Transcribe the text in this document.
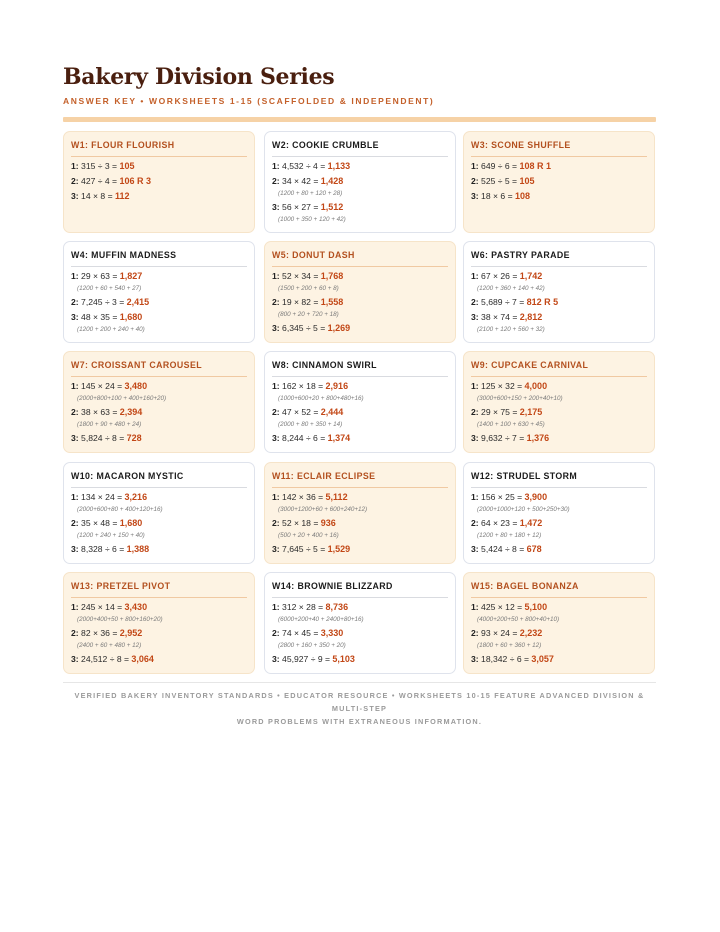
Bakery Division Series
ANSWER KEY • WORKSHEETS 1-15 (SCAFFOLDED & INDEPENDENT)
W1: FLOUR FLOURISH
1: 315 ÷ 3 = 105
2: 427 ÷ 4 = 106 R 3
3: 14 × 8 = 112
W2: COOKIE CRUMBLE
1: 4,532 ÷ 4 = 1,133
2: 34 × 42 = 1,428
(1200 + 80 + 120 + 28)
3: 56 × 27 = 1,512
(1000 + 350 + 120 + 42)
W3: SCONE SHUFFLE
1: 649 ÷ 6 = 108 R 1
2: 525 ÷ 5 = 105
3: 18 × 6 = 108
W4: MUFFIN MADNESS
1: 29 × 63 = 1,827
(1200 + 60 + 540 + 27)
2: 7,245 ÷ 3 = 2,415
3: 48 × 35 = 1,680
(1200 + 200 + 240 + 40)
W5: DONUT DASH
1: 52 × 34 = 1,768
(1500 + 200 + 60 + 8)
2: 19 × 82 = 1,558
(800 + 20 + 720 + 18)
3: 6,345 ÷ 5 = 1,269
W6: PASTRY PARADE
1: 67 × 26 = 1,742
(1200 + 360 + 140 + 42)
2: 5,689 ÷ 7 = 812 R 5
3: 38 × 74 = 2,812
(2100 + 120 + 560 + 32)
W7: CROISSANT CAROUSEL
1: 145 × 24 = 3,480
(2000+800+100 + 400+160+20)
2: 38 × 63 = 2,394
(1800 + 90 + 480 + 24)
3: 5,824 ÷ 8 = 728
W8: CINNAMON SWIRL
1: 162 × 18 = 2,916
(1000+600+20 + 800+480+16)
2: 47 × 52 = 2,444
(2000 + 80 + 350 + 14)
3: 8,244 ÷ 6 = 1,374
W9: CUPCAKE CARNIVAL
1: 125 × 32 = 4,000
(3000+600+150 + 200+40+10)
2: 29 × 75 = 2,175
(1400 + 100 + 630 + 45)
3: 9,632 ÷ 7 = 1,376
W10: MACARON MYSTIC
1: 134 × 24 = 3,216
(2000+600+80 + 400+120+16)
2: 35 × 48 = 1,680
(1200 + 240 + 150 + 40)
3: 8,328 ÷ 6 = 1,388
W11: ECLAIR ECLIPSE
1: 142 × 36 = 5,112
(3000+1200+60 + 600+240+12)
2: 52 × 18 = 936
(500 + 20 + 400 + 16)
3: 7,645 ÷ 5 = 1,529
W12: STRUDEL STORM
1: 156 × 25 = 3,900
(2000+1000+120 + 500+250+30)
2: 64 × 23 = 1,472
(1200 + 80 + 180 + 12)
3: 5,424 ÷ 8 = 678
W13: PRETZEL PIVOT
1: 245 × 14 = 3,430
(2000+400+50 + 800+160+20)
2: 82 × 36 = 2,952
(2400 + 60 + 480 + 12)
3: 24,512 ÷ 8 = 3,064
W14: BROWNIE BLIZZARD
1: 312 × 28 = 8,736
(6000+200+40 + 2400+80+16)
2: 74 × 45 = 3,330
(2800 + 160 + 350 + 20)
3: 45,927 ÷ 9 = 5,103
W15: BAGEL BONANZA
1: 425 × 12 = 5,100
(4000+200+50 + 800+40+10)
2: 93 × 24 = 2,232
(1800 + 60 + 360 + 12)
3: 18,342 ÷ 6 = 3,057
VERIFIED BAKERY INVENTORY STANDARDS • EDUCATOR RESOURCE • WORKSHEETS 10-15 FEATURE ADVANCED DIVISION & MULTI-STEP
WORD PROBLEMS WITH EXTRANEOUS INFORMATION.
